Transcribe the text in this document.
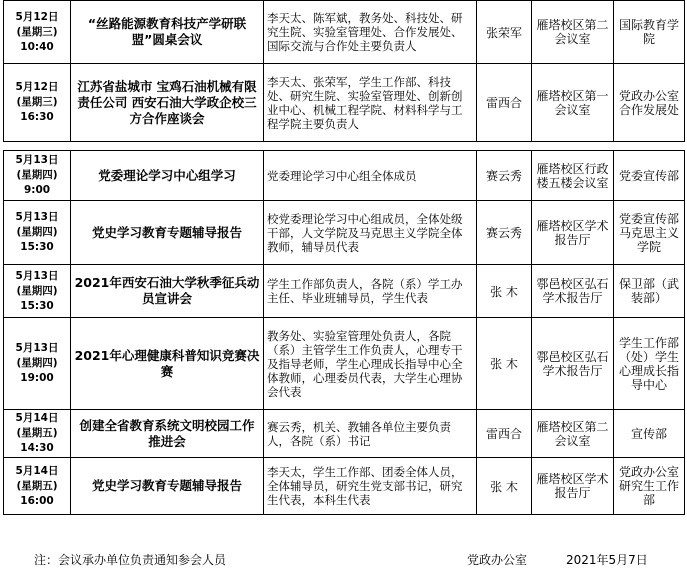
5月12日
(星期三)
10:40	“丝路能源教育科技产学研联盟”圆桌会议	李天太、陈军斌，教务处、科技处、研究生院、实验室管理处、合作发展处、国际交流与合作处主要负责人	张荣军	雁塔校区第二会议室	国际教育学院

5月12日
(星期三)
16:30	江苏省盐城市 宝鸡石油机械有限责任公司 西安石油大学政企校三方合作座谈会	李天太、张荣军，学生工作部、科技处、研究生院、实验室管理处、创新创业中心、机械工程学院、材料科学与工程学院主要负责人	雷西合	雁塔校区第一会议室	党政办公室合作发展处
5月13日
(星期四)
9:00	党委理论学习中心组学习	党委理论学习中心组全体成员	赛云秀	雁塔校区行政楼五楼会议室	党委宣传部

5月13日
(星期四)
15:30	党史学习教育专题辅导报告	校党委理论学习中心组成员，全体处级干部，人文学院及马克思主义学院全体教师，辅导员代表	赛云秀	雁塔校区学术报告厅	党委宣传部马克思主义学院

5月13日
(星期四)
15:30	2021年西安石油大学秋季征兵动员宣讲会	学生工作部负责人，各院（系）学工办主任、毕业班辅导员，学生代表	张 木	鄠邑校区弘石学术报告厅	保卫部（武装部）

5月13日
(星期四)
19:00	2021年心理健康科普知识竞赛决赛	教务处、实验室管理处负责人，各院（系）主管学生工作负责人，心理专干及指导老师，学生心理成长指导中心全体教师，心理委员代表，大学生心理协会代表	张 木	鄠邑校区弘石学术报告厅	学生工作部（处）学生心理成长指导中心

5月14日
(星期五)
14:30	创建全省教育系统文明校园工作推进会	赛云秀，机关、教辅各单位主要负责人，各院（系）书记	雷西合	雁塔校区第二会议室	宣传部

5月14日
(星期五)
16:00	党史学习教育专题辅导报告	李天太，学生工作部、团委全体人员，全体辅导员，研究生党支部书记，研究生代表，本科生代表	张 木	雁塔校区学术报告厅	党政办公室研究生工作部
注：会议承办单位负责通知参会人员	党政办公室	2021年5月7日
